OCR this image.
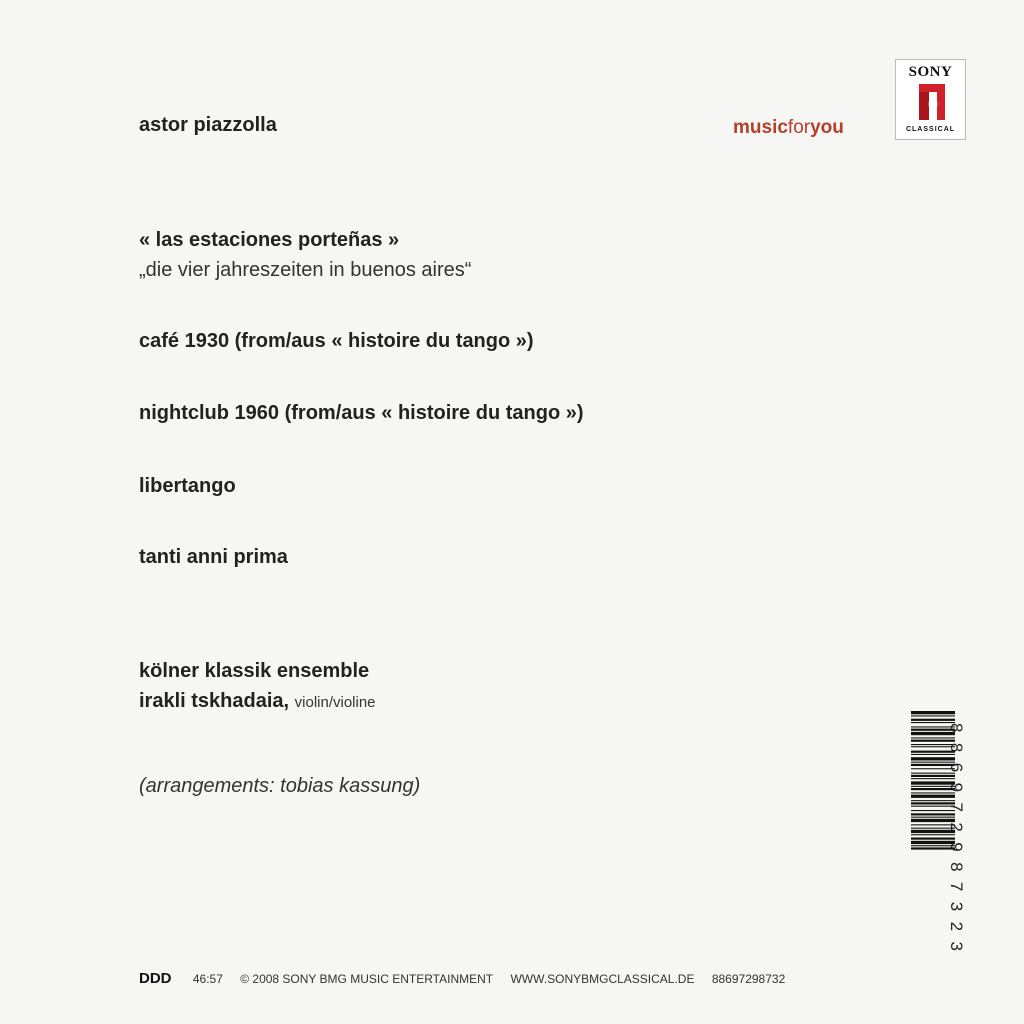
astor piazzolla	musicforyou
SONY
CLASSICAL
« las estaciones porteñas »
„die vier jahreszeiten in buenos aires“
café 1930 (from/aus « histoire du tango »)
nightclub 1960 (from/aus « histoire du tango »)
libertango
tanti anni prima
kölner klassik ensemble
irakli tskhadaia, violin/violine
(arrangements: tobias kassung)
DDD 46:57 © 2008 SONY BMG MUSIC ENTERTAINMENT WWW.SONYBMGCLASSICAL.DE 88697298732
886972987323
